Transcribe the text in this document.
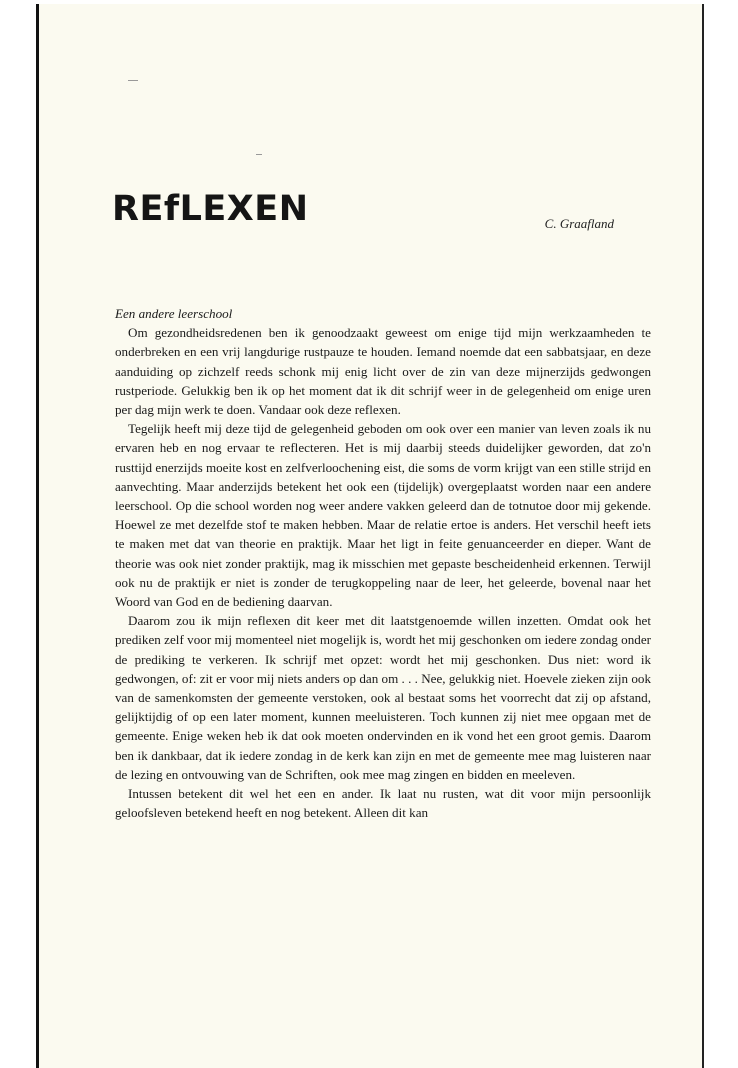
REfLEXEN	C. Graafland

Een andere leerschool

Om gezondheidsredenen ben ik genoodzaakt geweest om enige tijd mijn werkzaamheden te onderbreken en een vrij langdurige rustpauze te houden. Iemand noemde dat een sabbatsjaar, en deze aanduiding op zichzelf reeds schonk mij enig licht over de zin van deze mijnerzijds gedwongen rustperiode. Gelukkig ben ik op het moment dat ik dit schrijf weer in de gelegenheid om enige uren per dag mijn werk te doen. Vandaar ook deze reflexen.

Tegelijk heeft mij deze tijd de gelegenheid geboden om ook over een manier van leven zoals ik nu ervaren heb en nog ervaar te reflecteren. Het is mij daarbij steeds duidelijker geworden, dat zo'n rusttijd enerzijds moeite kost en zelfverloochening eist, die soms de vorm krijgt van een stille strijd en aanvechting. Maar anderzijds betekent het ook een (tijdelijk) overgeplaatst worden naar een andere leerschool. Op die school worden nog weer andere vakken geleerd dan de totnutoe door mij gekende. Hoewel ze met dezelfde stof te maken hebben. Maar de relatie ertoe is anders. Het verschil heeft iets te maken met dat van theorie en praktijk. Maar het ligt in feite genuanceerder en dieper. Want de theorie was ook niet zonder praktijk, mag ik misschien met gepaste bescheidenheid erkennen. Terwijl ook nu de praktijk er niet is zonder de terugkoppeling naar de leer, het geleerde, bovenal naar het Woord van God en de bediening daarvan.

Daarom zou ik mijn reflexen dit keer met dit laatstgenoemde willen inzetten. Omdat ook het prediken zelf voor mij momenteel niet mogelijk is, wordt het mij geschonken om iedere zondag onder de prediking te verkeren. Ik schrijf met opzet: wordt het mij geschonken. Dus niet: word ik gedwongen, of: zit er voor mij niets anders op dan om . . . Nee, gelukkig niet. Hoevele zieken zijn ook van de samenkomsten der gemeente verstoken, ook al bestaat soms het voorrecht dat zij op afstand, gelijktijdig of op een later moment, kunnen meeluisteren. Toch kunnen zij niet mee opgaan met de gemeente. Enige weken heb ik dat ook moeten ondervinden en ik vond het een groot gemis. Daarom ben ik dankbaar, dat ik iedere zondag in de kerk kan zijn en met de gemeente mee mag luisteren naar de lezing en ontvouwing van de Schriften, ook mee mag zingen en bidden en meeleven.

Intussen betekent dit wel het een en ander. Ik laat nu rusten, wat dit voor mijn persoonlijk geloofsleven betekend heeft en nog betekent. Alleen dit kan
